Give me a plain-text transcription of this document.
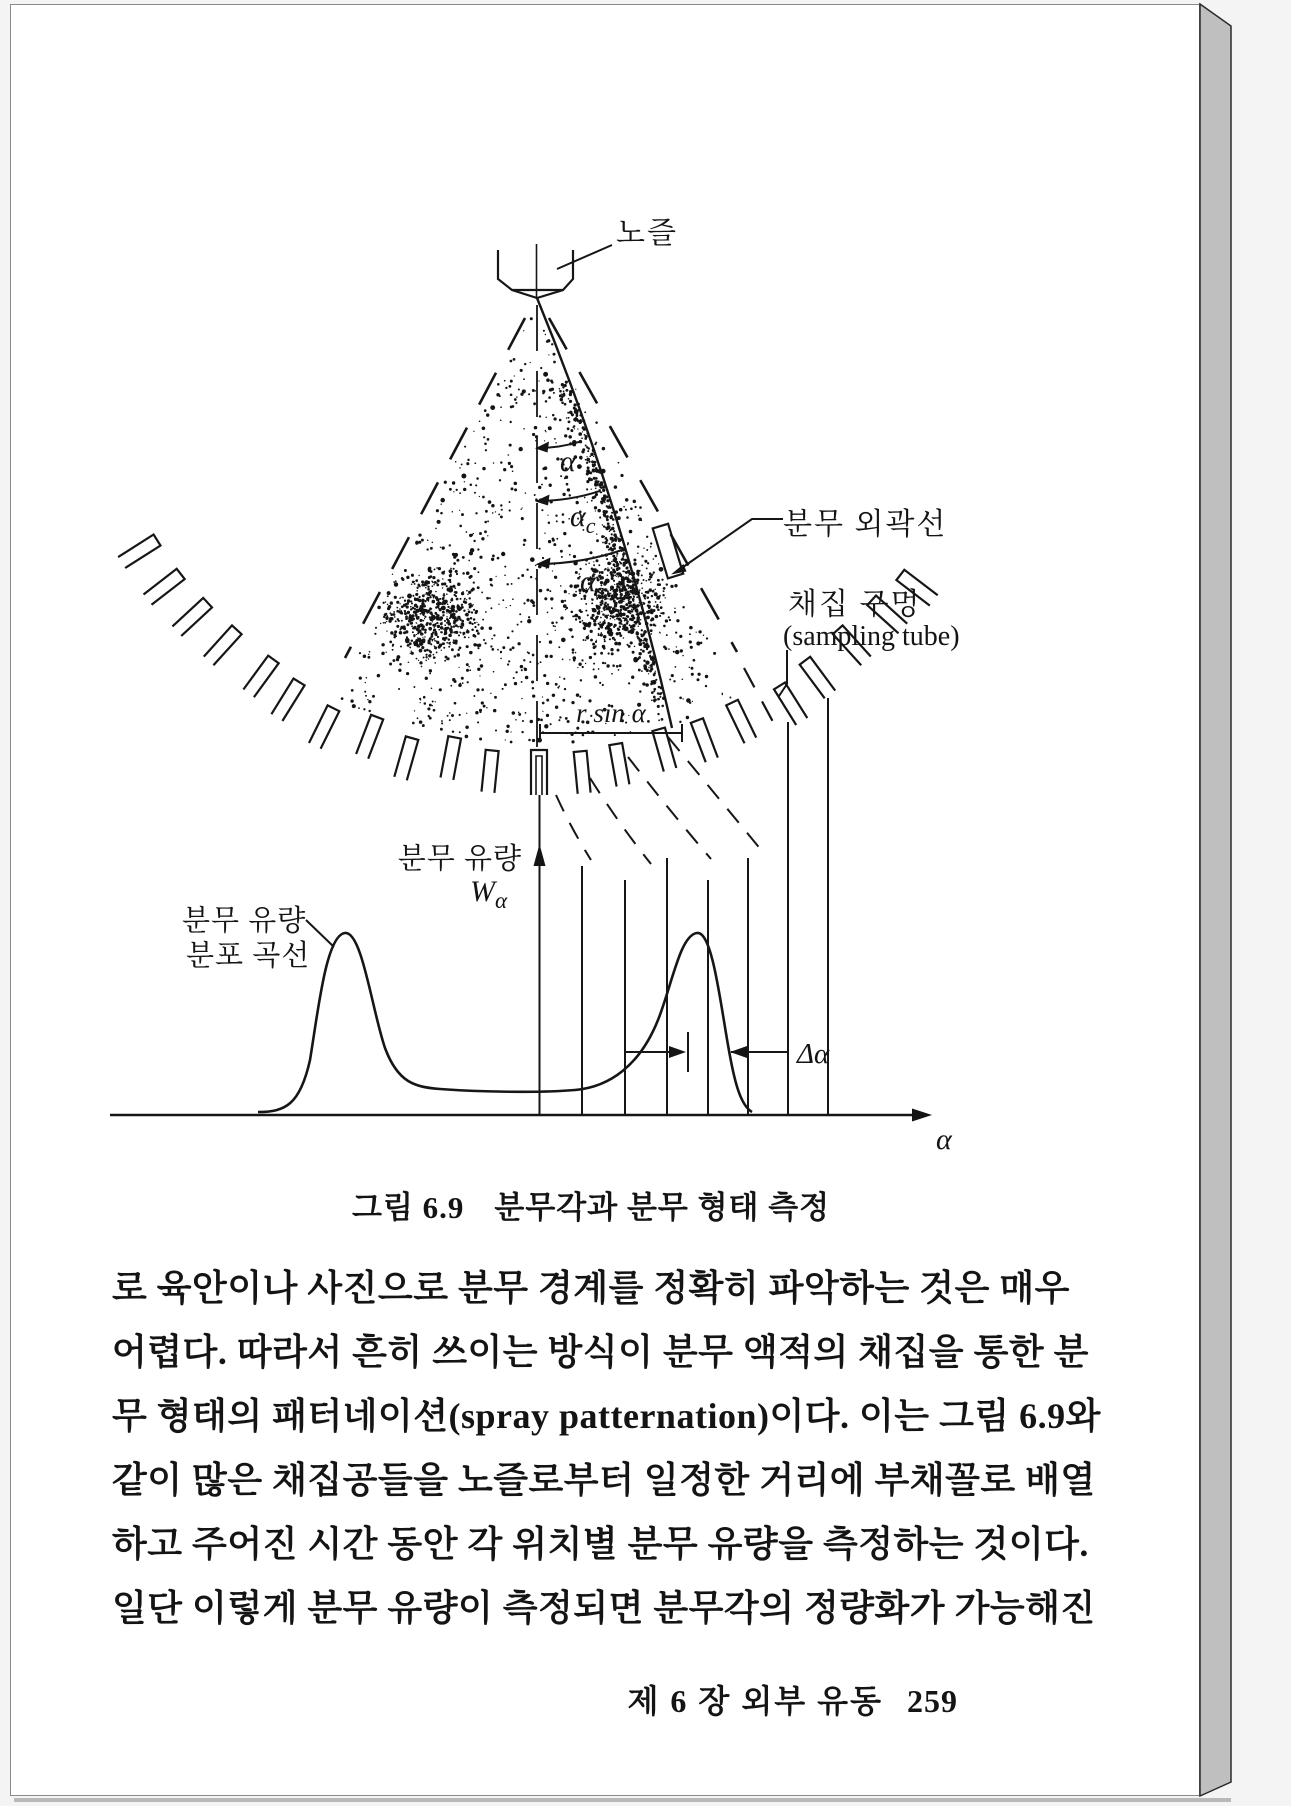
노즐
분무 외곽선
채집 구멍
(sampling tube)
α
$\alpha_c$
$\alpha_s$
r sin α
분무 유량
$W_\alpha$
분무 유량
분포 곡선
Δα
α
그림 6.9 분무각과 분무 형태 측정
로 육안이나 사진으로 분무 경계를 정확히 파악하는 것은 매우
어렵다. 따라서 흔히 쓰이는 방식이 분무 액적의 채집을 통한 분
무 형태의 패터네이션(spray patternation)이다. 이는 그림 6.9와
같이 많은 채집공들을 노즐로부터 일정한 거리에 부채꼴로 배열
하고 주어진 시간 동안 각 위치별 분무 유량을 측정하는 것이다.
일단 이렇게 분무 유량이 측정되면 분무각의 정량화가 가능해진
제 6 장 외부 유동 259
